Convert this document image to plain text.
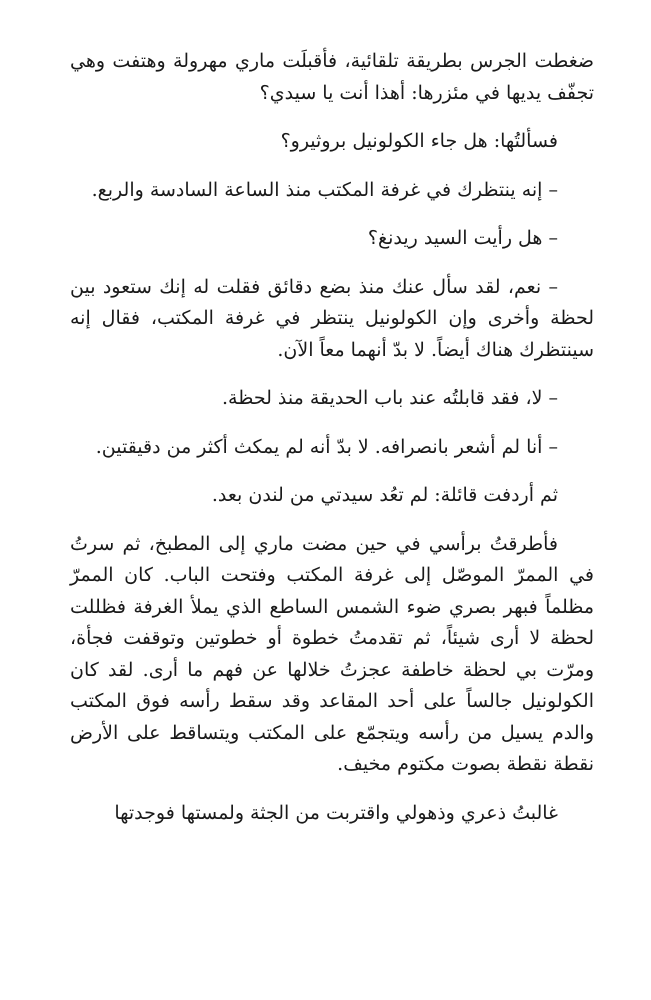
ضغطت الجرس بطريقة تلقائية، فأقبلَت ماري مهرولة وهتفت وهي تجفّف يديها في مئزرها: أهذا أنت يا سيدي؟

فسألتُها: هل جاء الكولونيل بروثيرو؟

– إنه ينتظرك في غرفة المكتب منذ الساعة السادسة والربع.

– هل رأيت السيد ريدنغ؟

– نعم، لقد سأل عنك منذ بضع دقائق فقلت له إنك ستعود بين لحظة وأخرى وإن الكولونيل ينتظر في غرفة المكتب، فقال إنه سينتظرك هناك أيضاً. لا بدّ أنهما معاً الآن.

– لا، فقد قابلتُه عند باب الحديقة منذ لحظة.

– أنا لم أشعر بانصرافه. لا بدّ أنه لم يمكث أكثر من دقيقتين.

ثم أردفت قائلة: لم تعُد سيدتي من لندن بعد.

فأطرقتُ برأسي في حين مضت ماري إلى المطبخ، ثم سرتُ في الممرّ الموصّل إلى غرفة المكتب وفتحت الباب. كان الممرّ مظلماً فبهر بصري ضوء الشمس الساطع الذي يملأ الغرفة فظللت لحظة لا أرى شيئاً، ثم تقدمتُ خطوة أو خطوتين وتوقفت فجأة، ومرّت بي لحظة خاطفة عجزتُ خلالها عن فهم ما أرى. لقد كان الكولونيل جالساً على أحد المقاعد وقد سقط رأسه فوق المكتب والدم يسيل من رأسه ويتجمّع على المكتب ويتساقط على الأرض نقطة نقطة بصوت مكتوم مخيف.

غالبتُ ذعري وذهولي واقتربت من الجثة ولمستها فوجدتها
